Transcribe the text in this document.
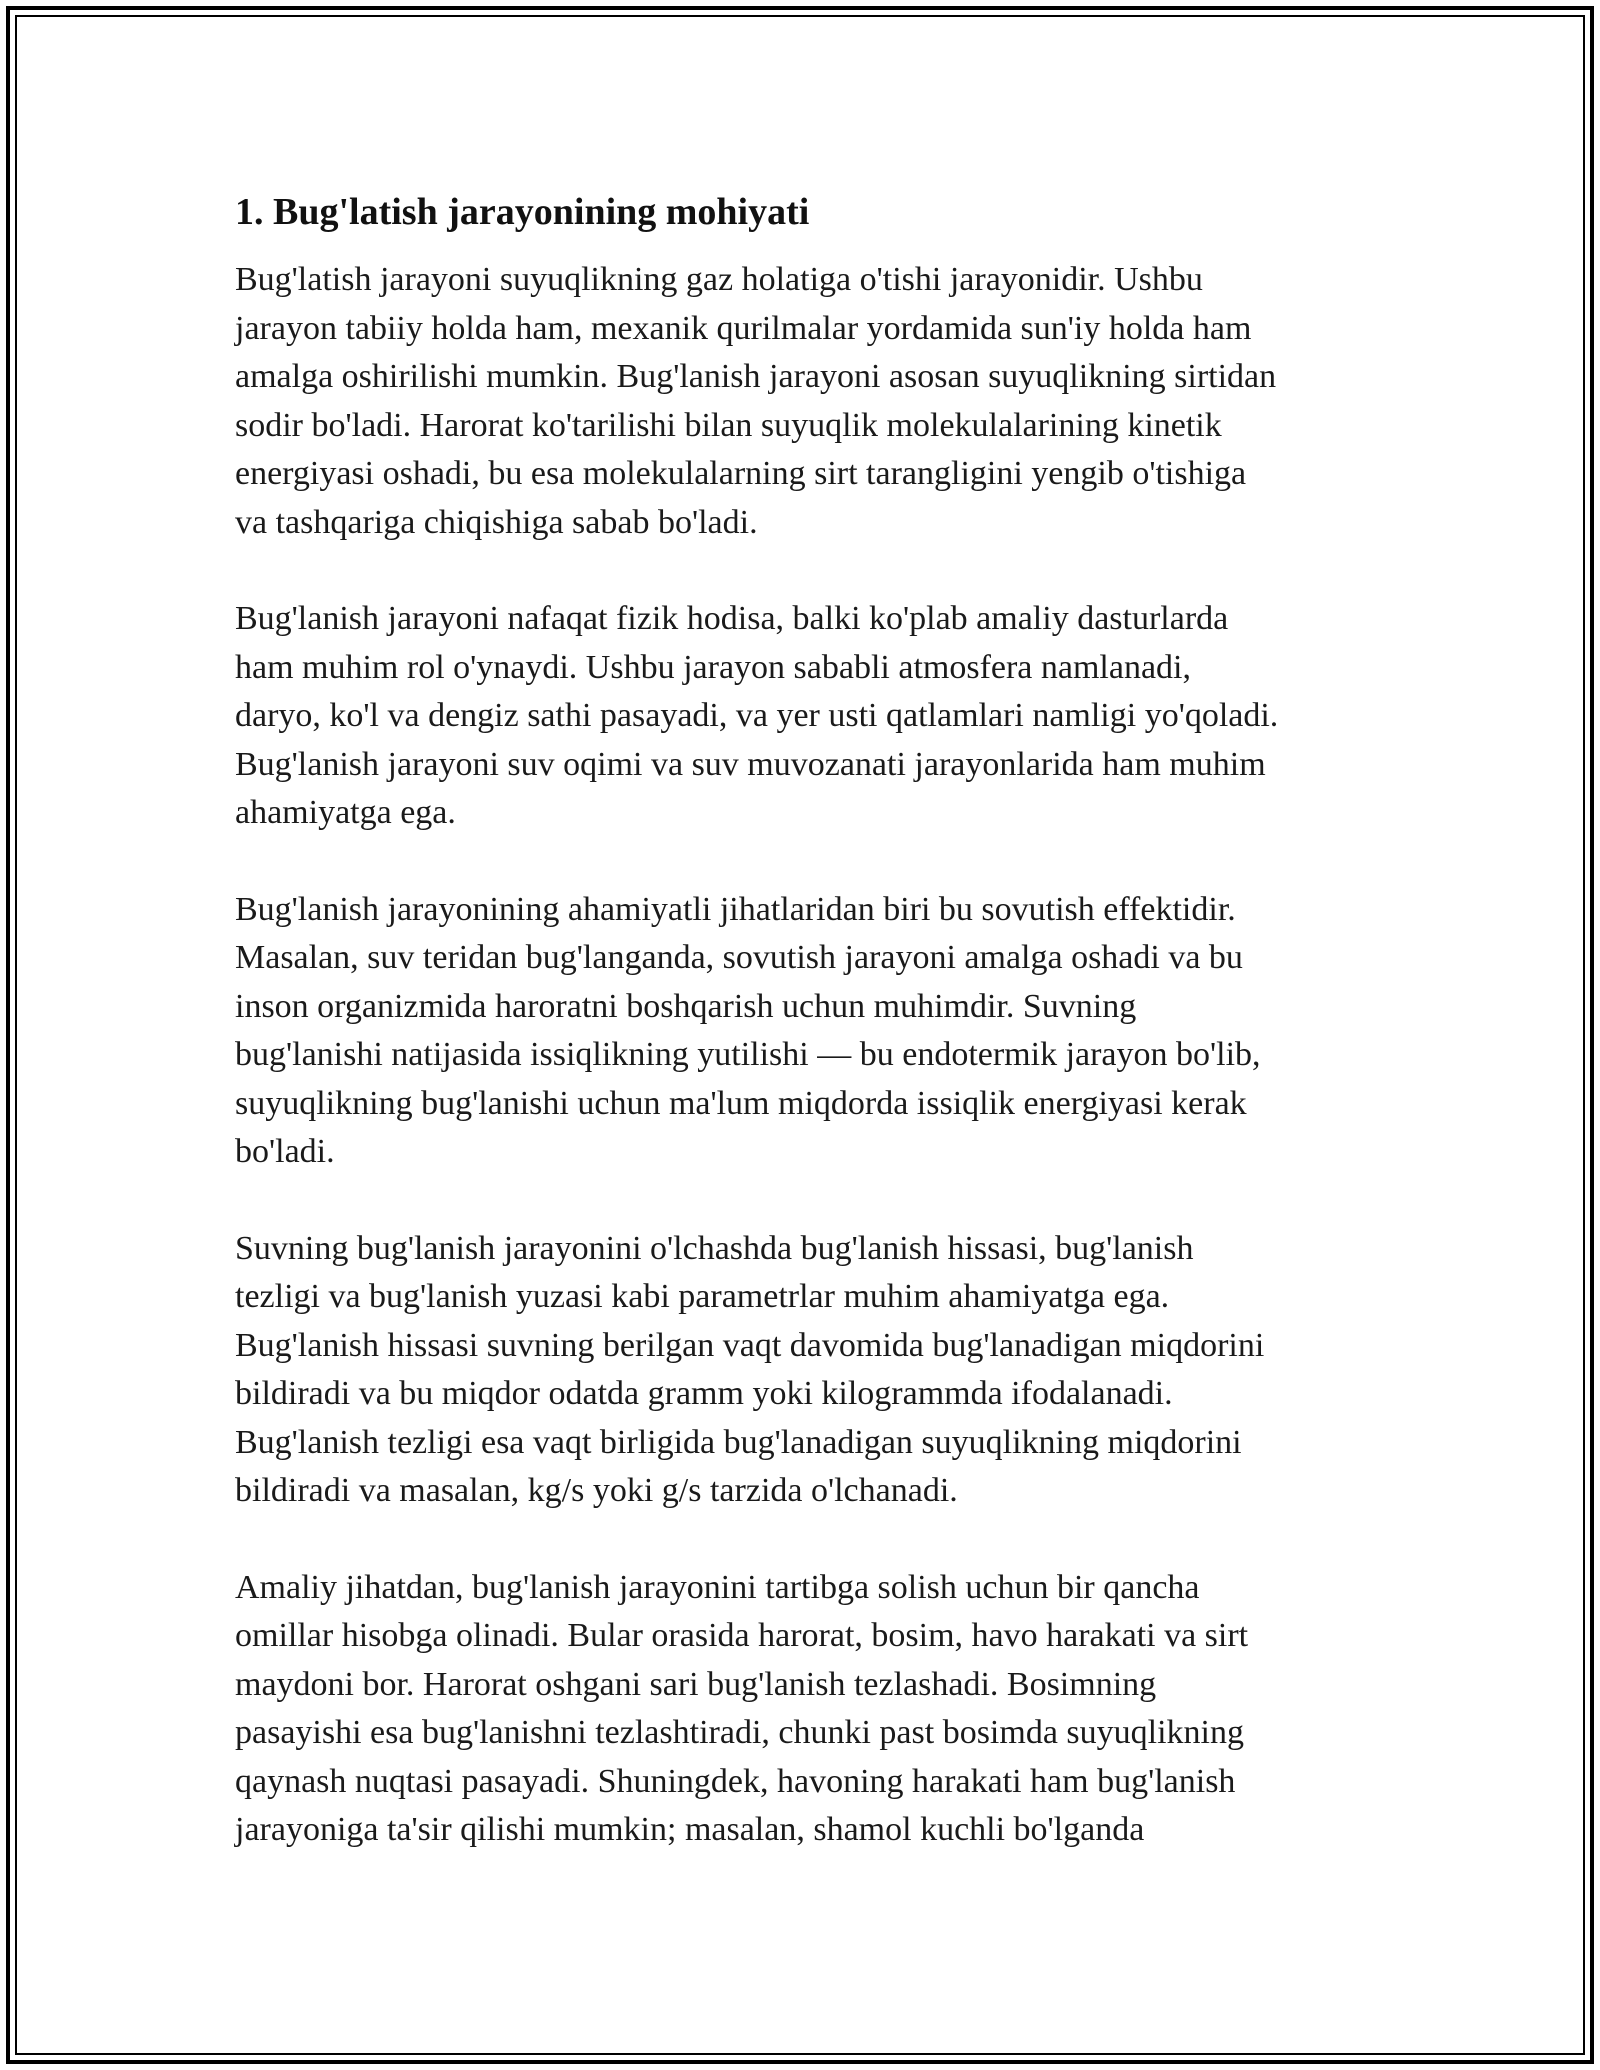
1. Bug'latish jarayonining mohiyati

Bug'latish jarayoni suyuqlikning gaz holatiga o'tishi jarayonidir. Ushbu
jarayon tabiiy holda ham, mexanik qurilmalar yordamida sun'iy holda ham
amalga oshirilishi mumkin. Bug'lanish jarayoni asosan suyuqlikning sirtidan
sodir bo'ladi. Harorat ko'tarilishi bilan suyuqlik molekulalarining kinetik
energiyasi oshadi, bu esa molekulalarning sirt tarangligini yengib o'tishiga
va tashqariga chiqishiga sabab bo'ladi.

Bug'lanish jarayoni nafaqat fizik hodisa, balki ko'plab amaliy dasturlarda
ham muhim rol o'ynaydi. Ushbu jarayon sababli atmosfera namlanadi,
daryo, ko'l va dengiz sathi pasayadi, va yer usti qatlamlari namligi yo'qoladi.
Bug'lanish jarayoni suv oqimi va suv muvozanati jarayonlarida ham muhim
ahamiyatga ega.

Bug'lanish jarayonining ahamiyatli jihatlaridan biri bu sovutish effektidir.
Masalan, suv teridan bug'langanda, sovutish jarayoni amalga oshadi va bu
inson organizmida haroratni boshqarish uchun muhimdir. Suvning
bug'lanishi natijasida issiqlikning yutilishi — bu endotermik jarayon bo'lib,
suyuqlikning bug'lanishi uchun ma'lum miqdorda issiqlik energiyasi kerak
bo'ladi.

Suvning bug'lanish jarayonini o'lchashda bug'lanish hissasi, bug'lanish
tezligi va bug'lanish yuzasi kabi parametrlar muhim ahamiyatga ega.
Bug'lanish hissasi suvning berilgan vaqt davomida bug'lanadigan miqdorini
bildiradi va bu miqdor odatda gramm yoki kilogrammda ifodalanadi.
Bug'lanish tezligi esa vaqt birligida bug'lanadigan suyuqlikning miqdorini
bildiradi va masalan, kg/s yoki g/s tarzida o'lchanadi.

Amaliy jihatdan, bug'lanish jarayonini tartibga solish uchun bir qancha
omillar hisobga olinadi. Bular orasida harorat, bosim, havo harakati va sirt
maydoni bor. Harorat oshgani sari bug'lanish tezlashadi. Bosimning
pasayishi esa bug'lanishni tezlashtiradi, chunki past bosimda suyuqlikning
qaynash nuqtasi pasayadi. Shuningdek, havoning harakati ham bug'lanish
jarayoniga ta'sir qilishi mumkin; masalan, shamol kuchli bo'lganda
